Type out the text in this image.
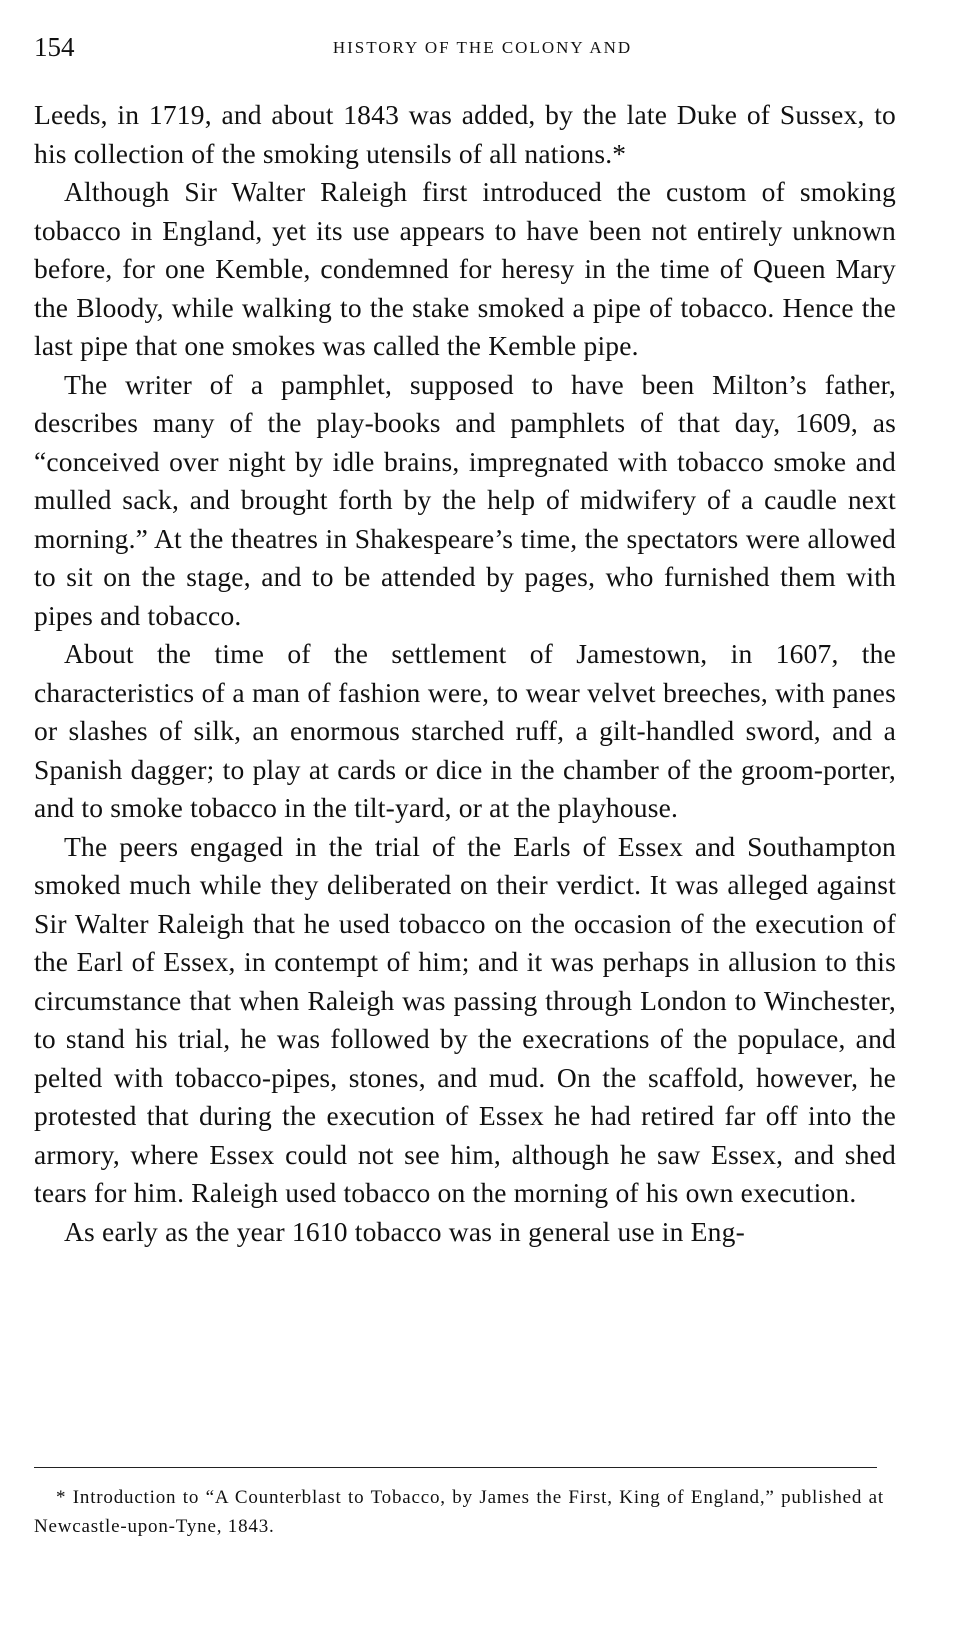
154	HISTORY OF THE COLONY AND

Leeds, in 1719, and about 1843 was added, by the late Duke of Sussex, to his collection of the smoking utensils of all nations.*

Although Sir Walter Raleigh first introduced the custom of smoking tobacco in England, yet its use appears to have been not entirely unknown before, for one Kemble, condemned for heresy in the time of Queen Mary the Bloody, while walking to the stake smoked a pipe of tobacco. Hence the last pipe that one smokes was called the Kemble pipe.

The writer of a pamphlet, supposed to have been Milton’s father, describes many of the play-books and pamphlets of that day, 1609, as “conceived over night by idle brains, impregnated with tobacco smoke and mulled sack, and brought forth by the help of midwifery of a caudle next morning.” At the theatres in Shakespeare’s time, the spectators were allowed to sit on the stage, and to be attended by pages, who furnished them with pipes and tobacco.

About the time of the settlement of Jamestown, in 1607, the characteristics of a man of fashion were, to wear velvet breeches, with panes or slashes of silk, an enormous starched ruff, a gilt-handled sword, and a Spanish dagger; to play at cards or dice in the chamber of the groom-porter, and to smoke tobacco in the tilt-yard, or at the playhouse.

The peers engaged in the trial of the Earls of Essex and Southampton smoked much while they deliberated on their verdict. It was alleged against Sir Walter Raleigh that he used tobacco on the occasion of the execution of the Earl of Essex, in contempt of him; and it was perhaps in allusion to this circumstance that when Raleigh was passing through London to Winchester, to stand his trial, he was followed by the execrations of the populace, and pelted with tobacco-pipes, stones, and mud. On the scaffold, however, he protested that during the execution of Essex he had retired far off into the armory, where Essex could not see him, although he saw Essex, and shed tears for him. Raleigh used tobacco on the morning of his own execution.

As early as the year 1610 tobacco was in general use in Eng-

* Introduction to “A Counterblast to Tobacco, by James the First, King of England,” published at Newcastle-upon-Tyne, 1843.
